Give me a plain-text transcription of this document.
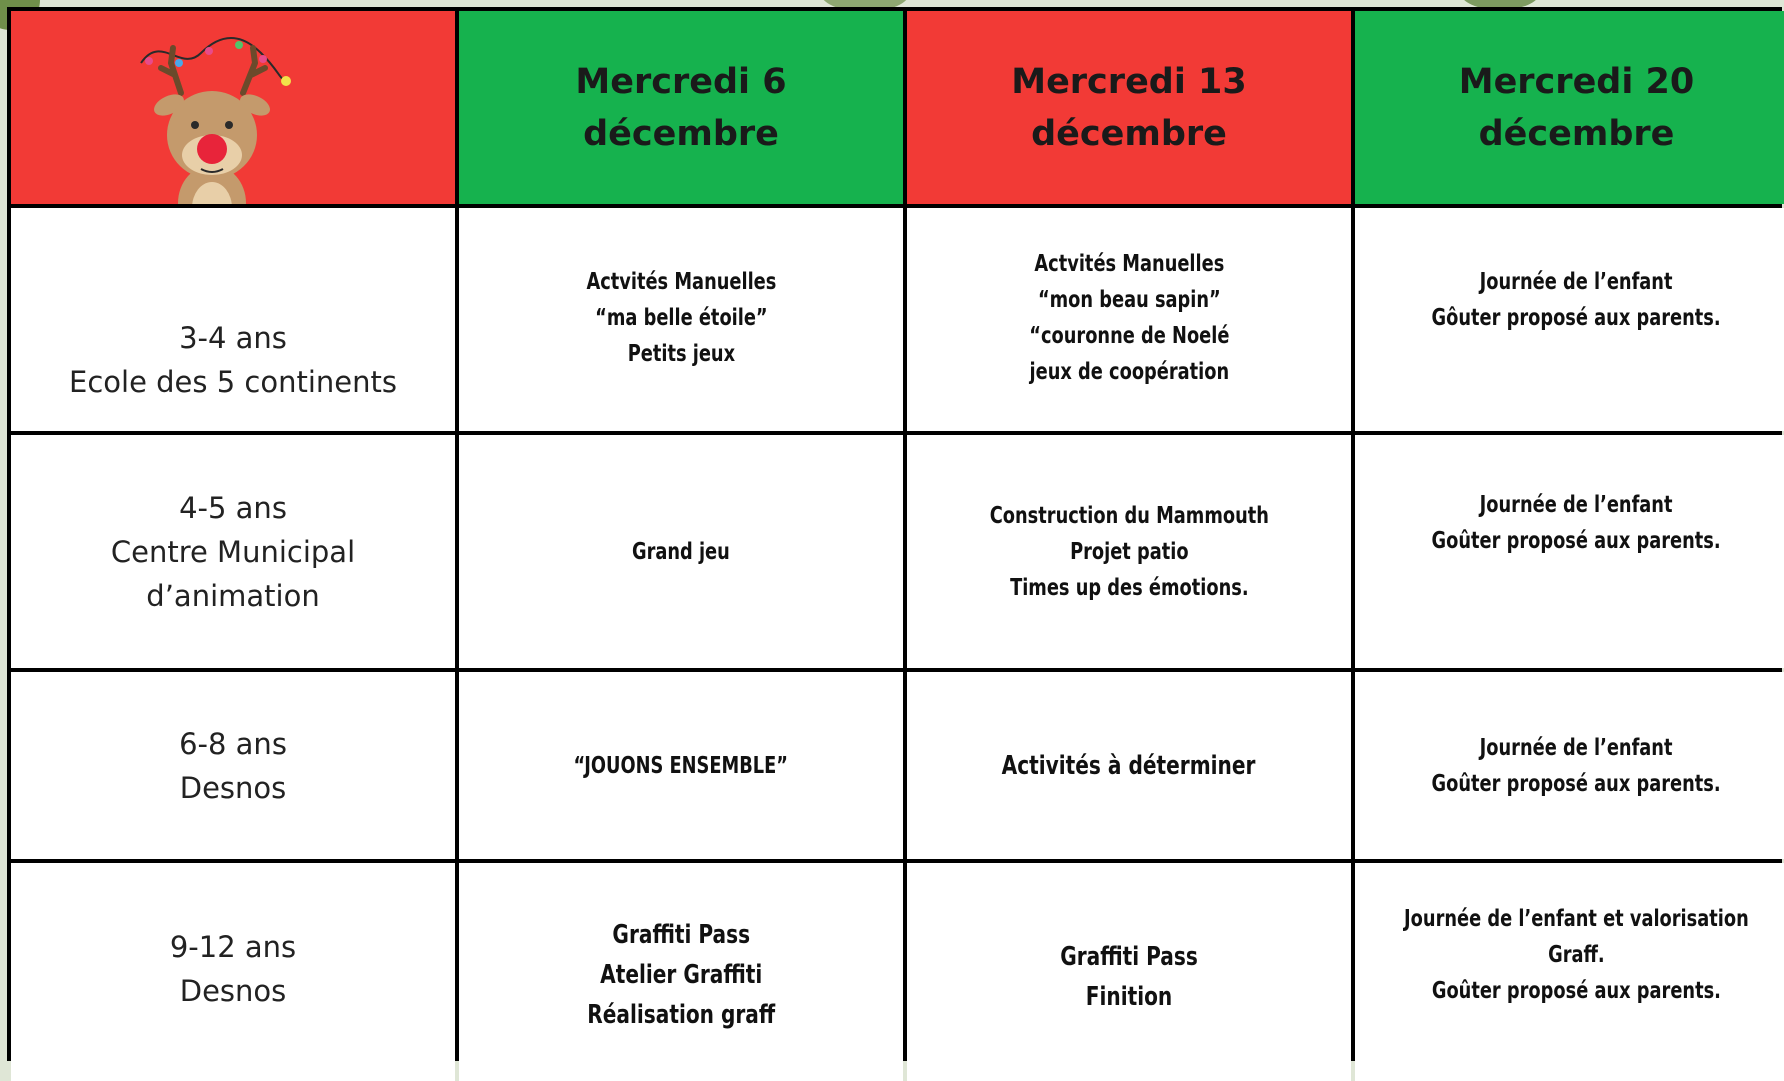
Mercredi 6
décembre
Mercredi 13
décembre
Mercredi 20
décembre
3-4 ans
Ecole des 5 continents
Actvités Manuelles
“ma belle étoile”
Petits jeux
Actvités Manuelles
“mon beau sapin”
“couronne de Noelé
jeux de coopération
Journée de l’enfant
Gôuter proposé aux parents.
4-5 ans
Centre Municipal
d’animation
Grand jeu
Construction du Mammouth
Projet patio
Times up des émotions.
Journée de l’enfant
Goûter proposé aux parents.
6-8 ans
Desnos
“JOUONS ENSEMBLE”	Activités à déterminer
Journée de l’enfant
Goûter proposé aux parents.
9-12 ans
Desnos
Graffiti Pass
Atelier Graffiti
Réalisation graff
Graffiti Pass
Finition
Journée de l’enfant et valorisation
Graff.
Goûter proposé aux parents.
